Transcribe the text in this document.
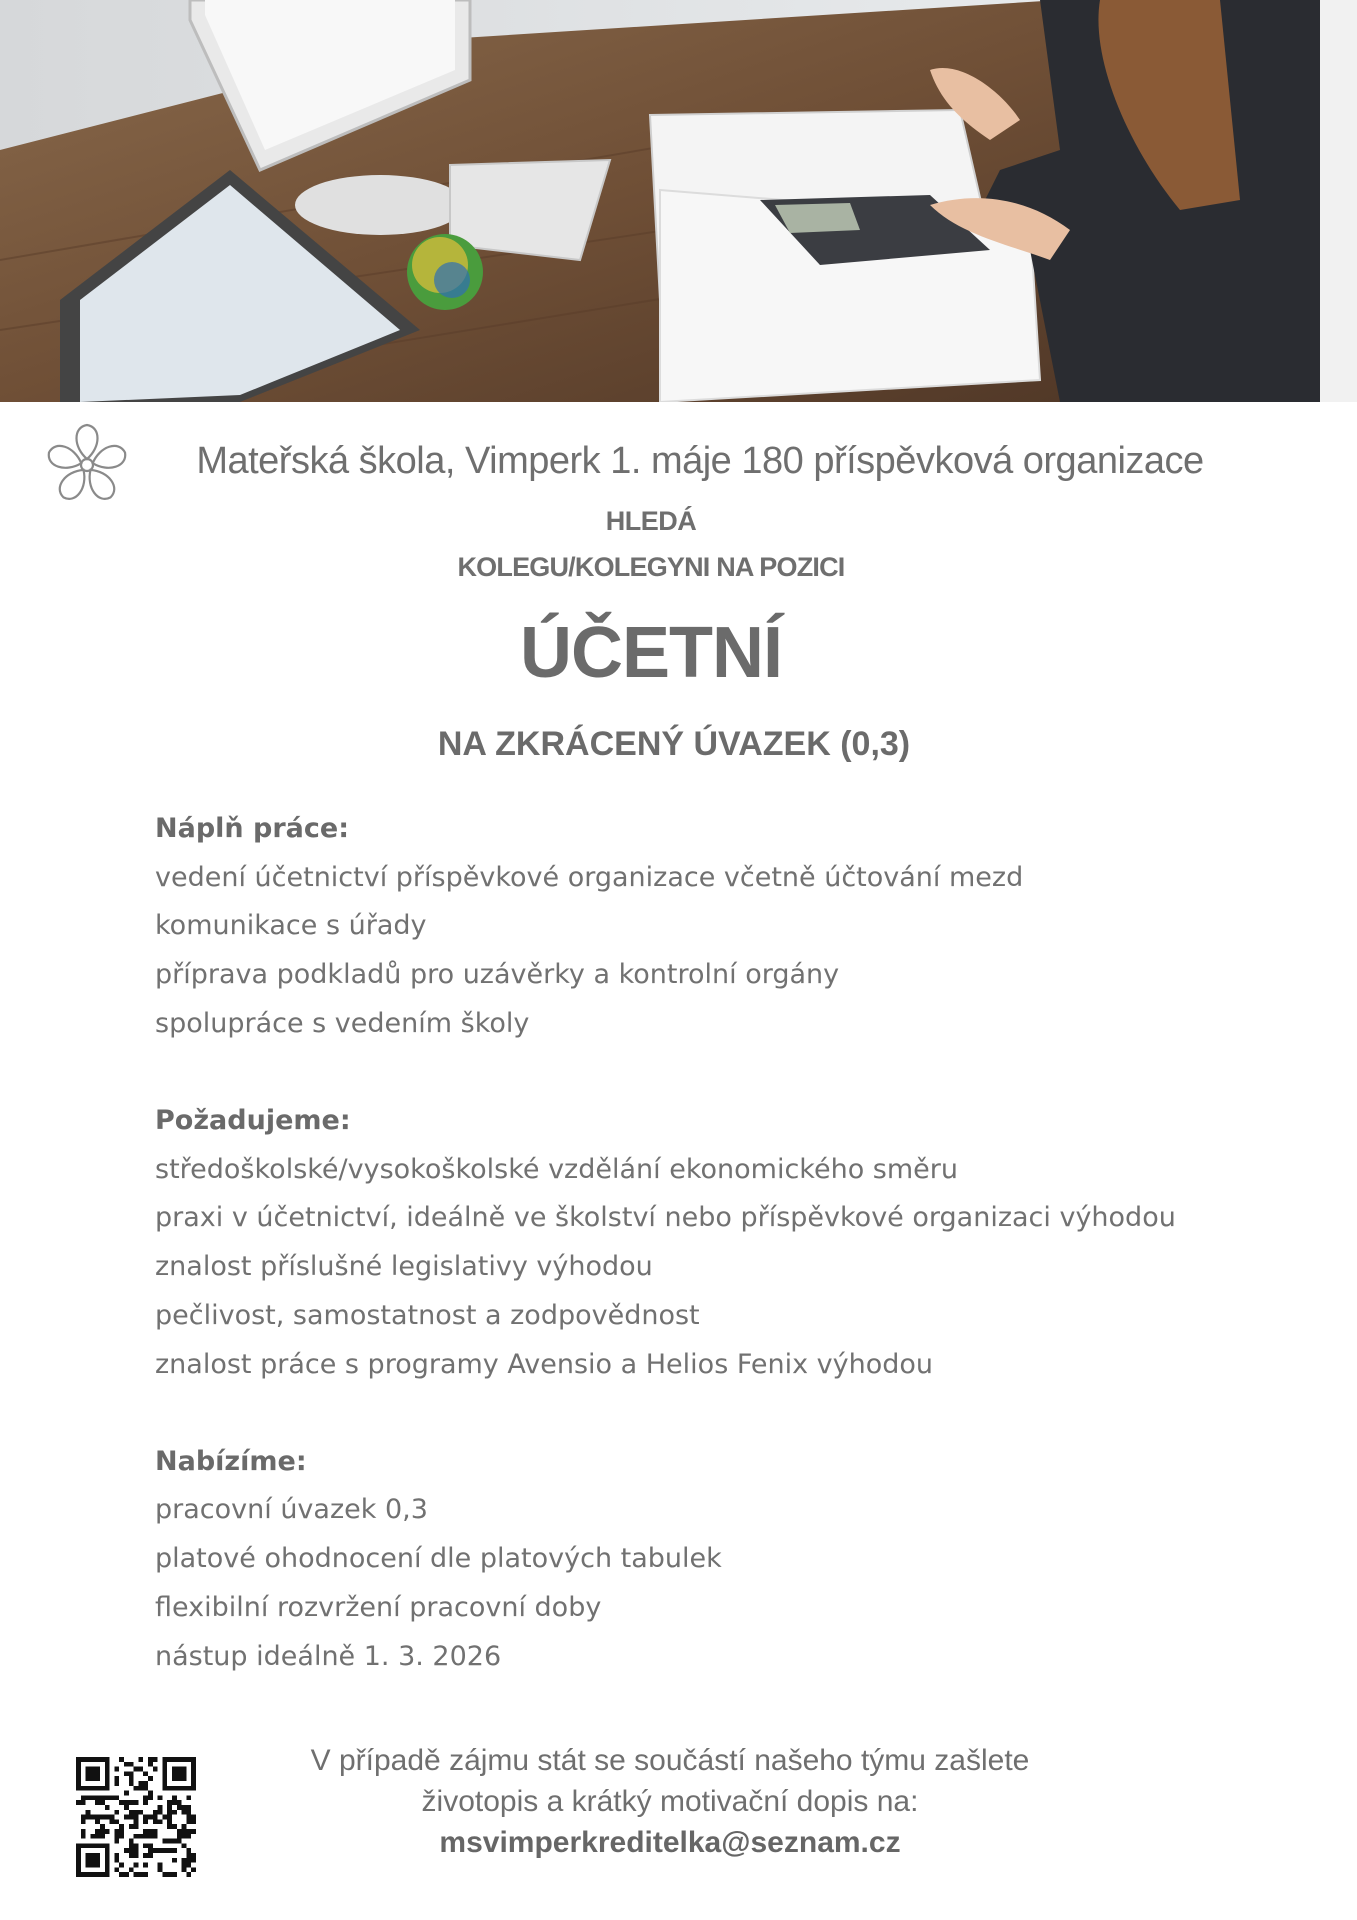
Mateřská škola, Vimperk 1. máje 180 příspěvková organizace
HLEDÁ
KOLEGU/KOLEGYNI NA POZICI
ÚČETNÍ
NA ZKRÁCENÝ ÚVAZEK (0,3)
Náplň práce:
vedení účetnictví příspěvkové organizace včetně účtování mezd
komunikace s úřady
příprava podkladů pro uzávěrky a kontrolní orgány
spolupráce s vedením školy
Požadujeme:
středoškolské/vysokoškolské vzdělání ekonomického směru
praxi v účetnictví, ideálně ve školství nebo příspěvkové organizaci výhodou
znalost příslušné legislativy výhodou
pečlivost, samostatnost a zodpovědnost
znalost práce s programy Avensio a Helios Fenix výhodou
Nabízíme:
pracovní úvazek 0,3
platové ohodnocení dle platových tabulek
flexibilní rozvržení pracovní doby
nástup ideálně 1. 3. 2026
V případě zájmu stát se součástí našeho týmu zašlete
životopis a krátký motivační dopis na:
msvimperkreditelka@seznam.cz
